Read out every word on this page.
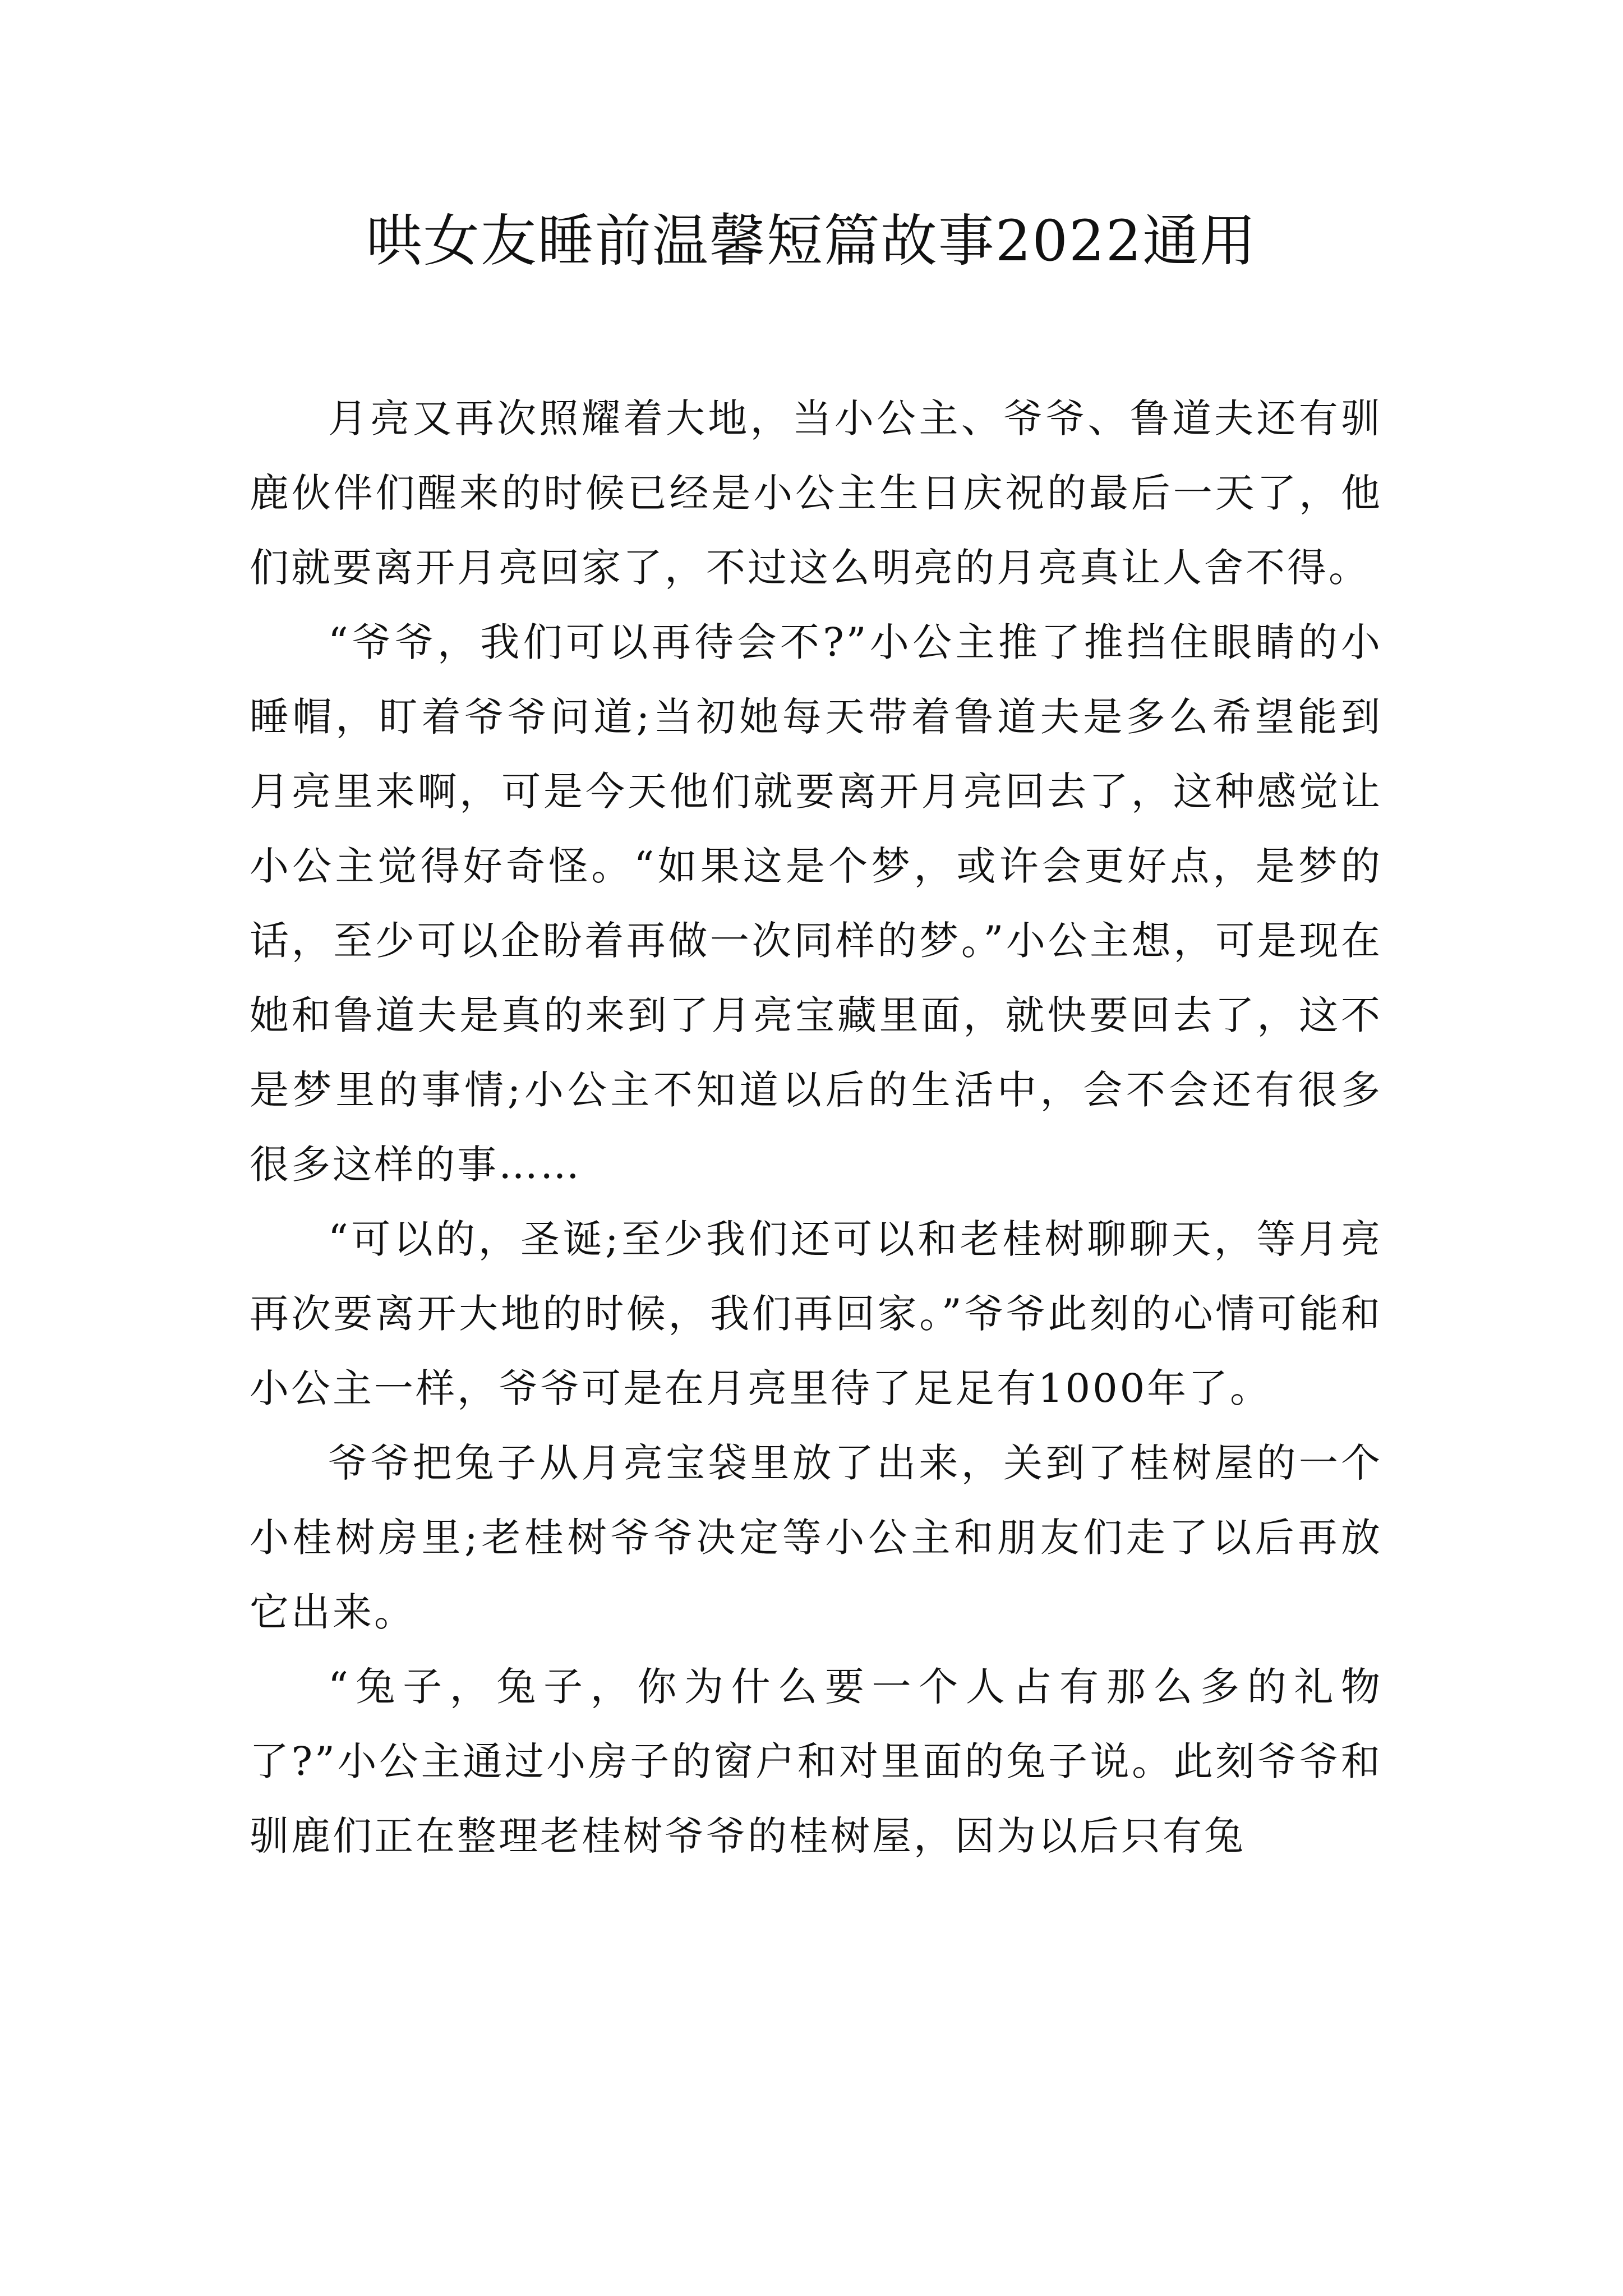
哄女友睡前温馨短篇故事2022通用

月亮又再次照耀着大地，当小公主、爷爷、鲁道夫还有驯鹿伙伴们醒来的时候已经是小公主生日庆祝的最后一天了，他们就要离开月亮回家了，不过这么明亮的月亮真让人舍不得。

“爷爷，我们可以再待会不?”小公主推了推挡住眼睛的小睡帽，盯着爷爷问道;当初她每天带着鲁道夫是多么希望能到月亮里来啊，可是今天他们就要离开月亮回去了，这种感觉让小公主觉得好奇怪。“如果这是个梦，或许会更好点，是梦的话，至少可以企盼着再做一次同样的梦。”小公主想，可是现在她和鲁道夫是真的来到了月亮宝藏里面，就快要回去了，这不是梦里的事情;小公主不知道以后的生活中，会不会还有很多很多这样的事……

“可以的，圣诞;至少我们还可以和老桂树聊聊天，等月亮再次要离开大地的时候，我们再回家。”爷爷此刻的心情可能和小公主一样，爷爷可是在月亮里待了足足有1000年了。

爷爷把兔子从月亮宝袋里放了出来，关到了桂树屋的一个小桂树房里;老桂树爷爷决定等小公主和朋友们走了以后再放它出来。

“兔子，兔子，你为什么要一个人占有那么多的礼物了?”小公主通过小房子的窗户和对里面的兔子说。此刻爷爷和驯鹿们正在整理老桂树爷爷的桂树屋，因为以后只有兔
